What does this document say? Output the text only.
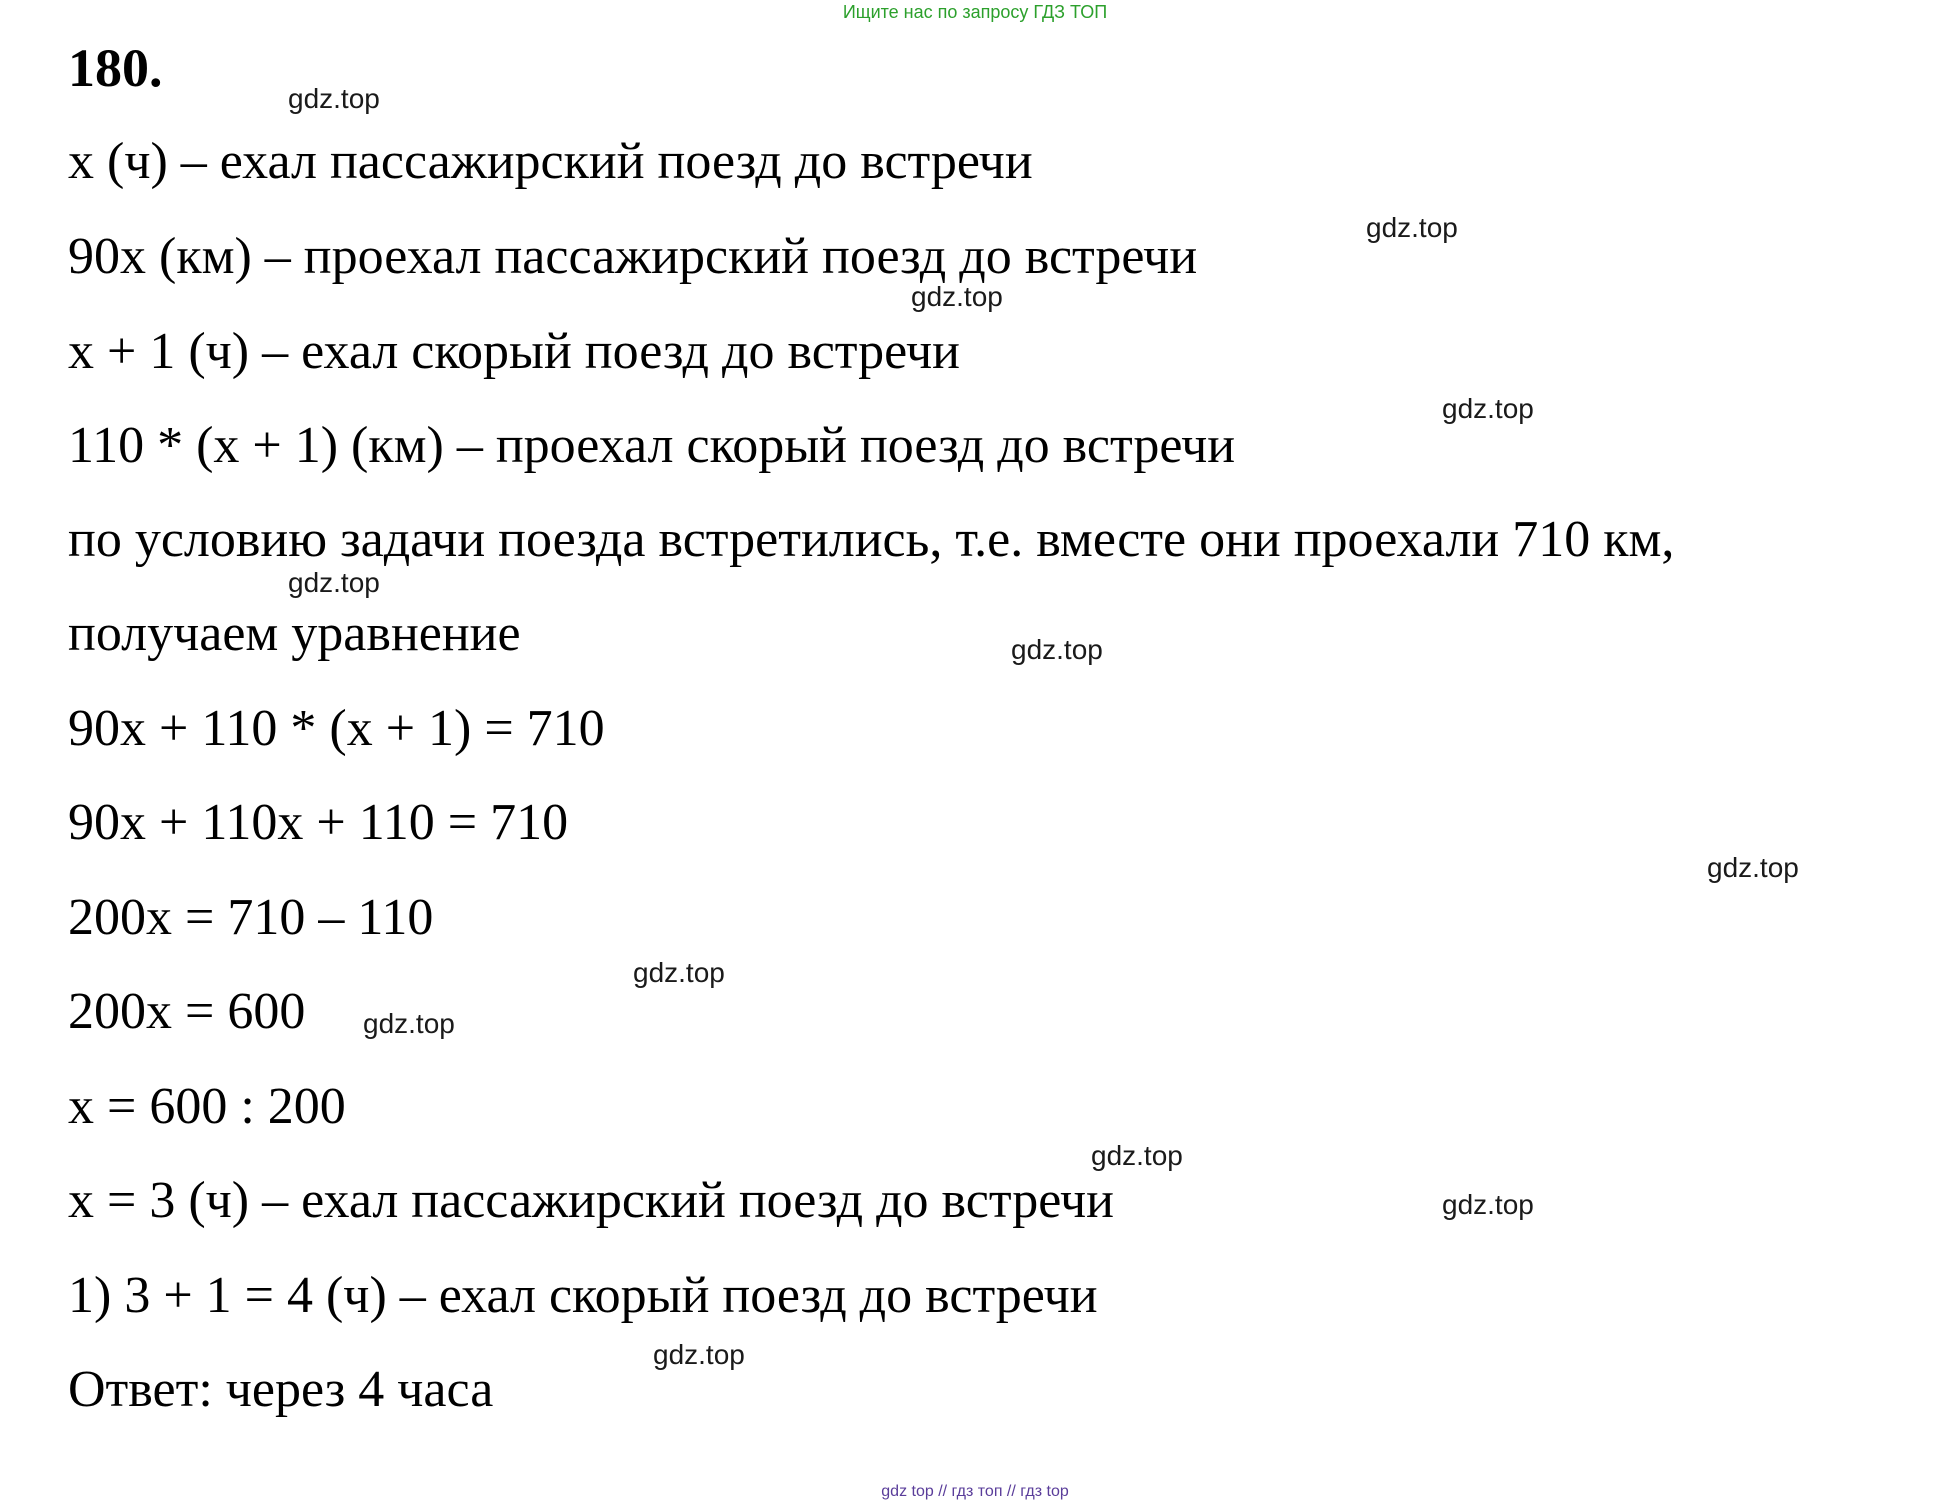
Ищите нас по запросу ГДЗ ТОП
180.
x (ч) – ехал пассажирский поезд до встречи
90x (км) – проехал пассажирский поезд до встречи
x + 1 (ч) – ехал скорый поезд до встречи
110 * (x + 1) (км) – проехал скорый поезд до встречи
по условию задачи поезда встретились, т.е. вместе они проехали 710 км,
получаем уравнение
90x + 110 * (x + 1) = 710
90x + 110x + 110 = 710
200x = 710 – 110
200x = 600
x = 600 : 200
x = 3 (ч) – ехал пассажирский поезд до встречи
1) 3 + 1 = 4 (ч) – ехал скорый поезд до встречи
Ответ: через 4 часа
gdz.top
gdz.top
gdz.top
gdz.top
gdz.top
gdz.top
gdz.top
gdz.top
gdz.top
gdz.top
gdz.top
gdz.top
gdz top // гдз топ // гдз top
